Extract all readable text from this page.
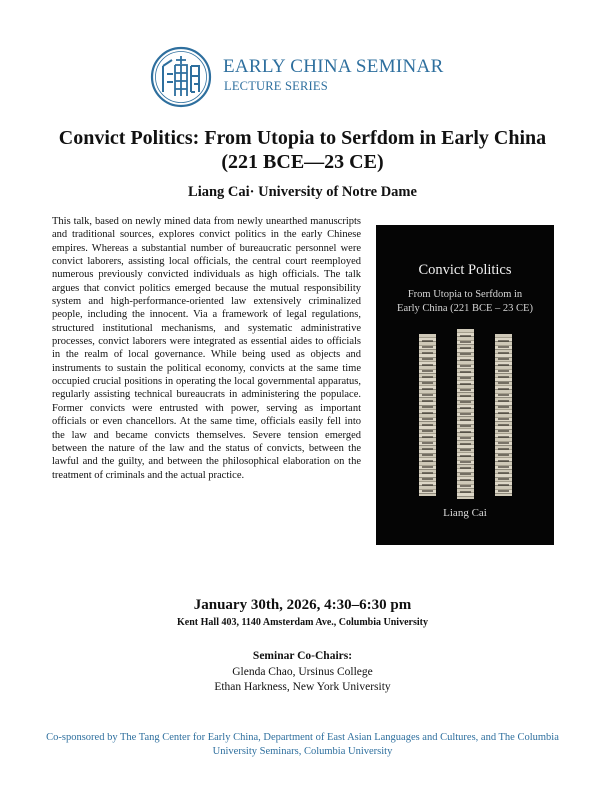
EARLY CHINA SEMINAR
LECTURE SERIES
Convict Politics: From Utopia to Serfdom in Early China
(221 BCE—23 CE)
Liang Cai· University of Notre Dame

This talk, based on newly mined data from newly unearthed manuscripts and traditional sources, explores convict politics in the early Chinese empires. Whereas a substantial number of bureaucratic personnel were convict laborers, assisting local officials, the central court reemployed numerous previously convicted individuals as high officials. The talk argues that convict politics emerged because the mutual responsibility system and high-performance-oriented law extensively criminalized people, including the innocent. Via a framework of legal regulations, structured institutional mechanisms, and systematic administrative processes, convict laborers were integrated as essential aides to officials in the realm of local governance. While being used as objects and instruments to sustain the political economy, convicts at the same time occupied crucial positions in operating the local governmental apparatus, regularly assisting technical bureaucrats in administering the populace. Former convicts were entrusted with power, serving as important officials or even chancellors. At the same time, officials easily fell into the law and became convicts themselves. Severe tension emerged between the nature of the law and the status of convicts, between the lawful and the guilty, and between the philosophical elaboration on the treatment of criminals and the actual practice.

Convict Politics
From Utopia to Serfdom in
Early China (221 BCE – 23 CE)
Liang Cai
January 30th, 2026, 4:30–6:30 pm
Kent Hall 403, 1140 Amsterdam Ave., Columbia University
Seminar Co-Chairs:
Glenda Chao, Ursinus College
Ethan Harkness, New York University

Co-sponsored by The Tang Center for Early China, Department of East Asian Languages and Cultures, and The Columbia University Seminars, Columbia University
